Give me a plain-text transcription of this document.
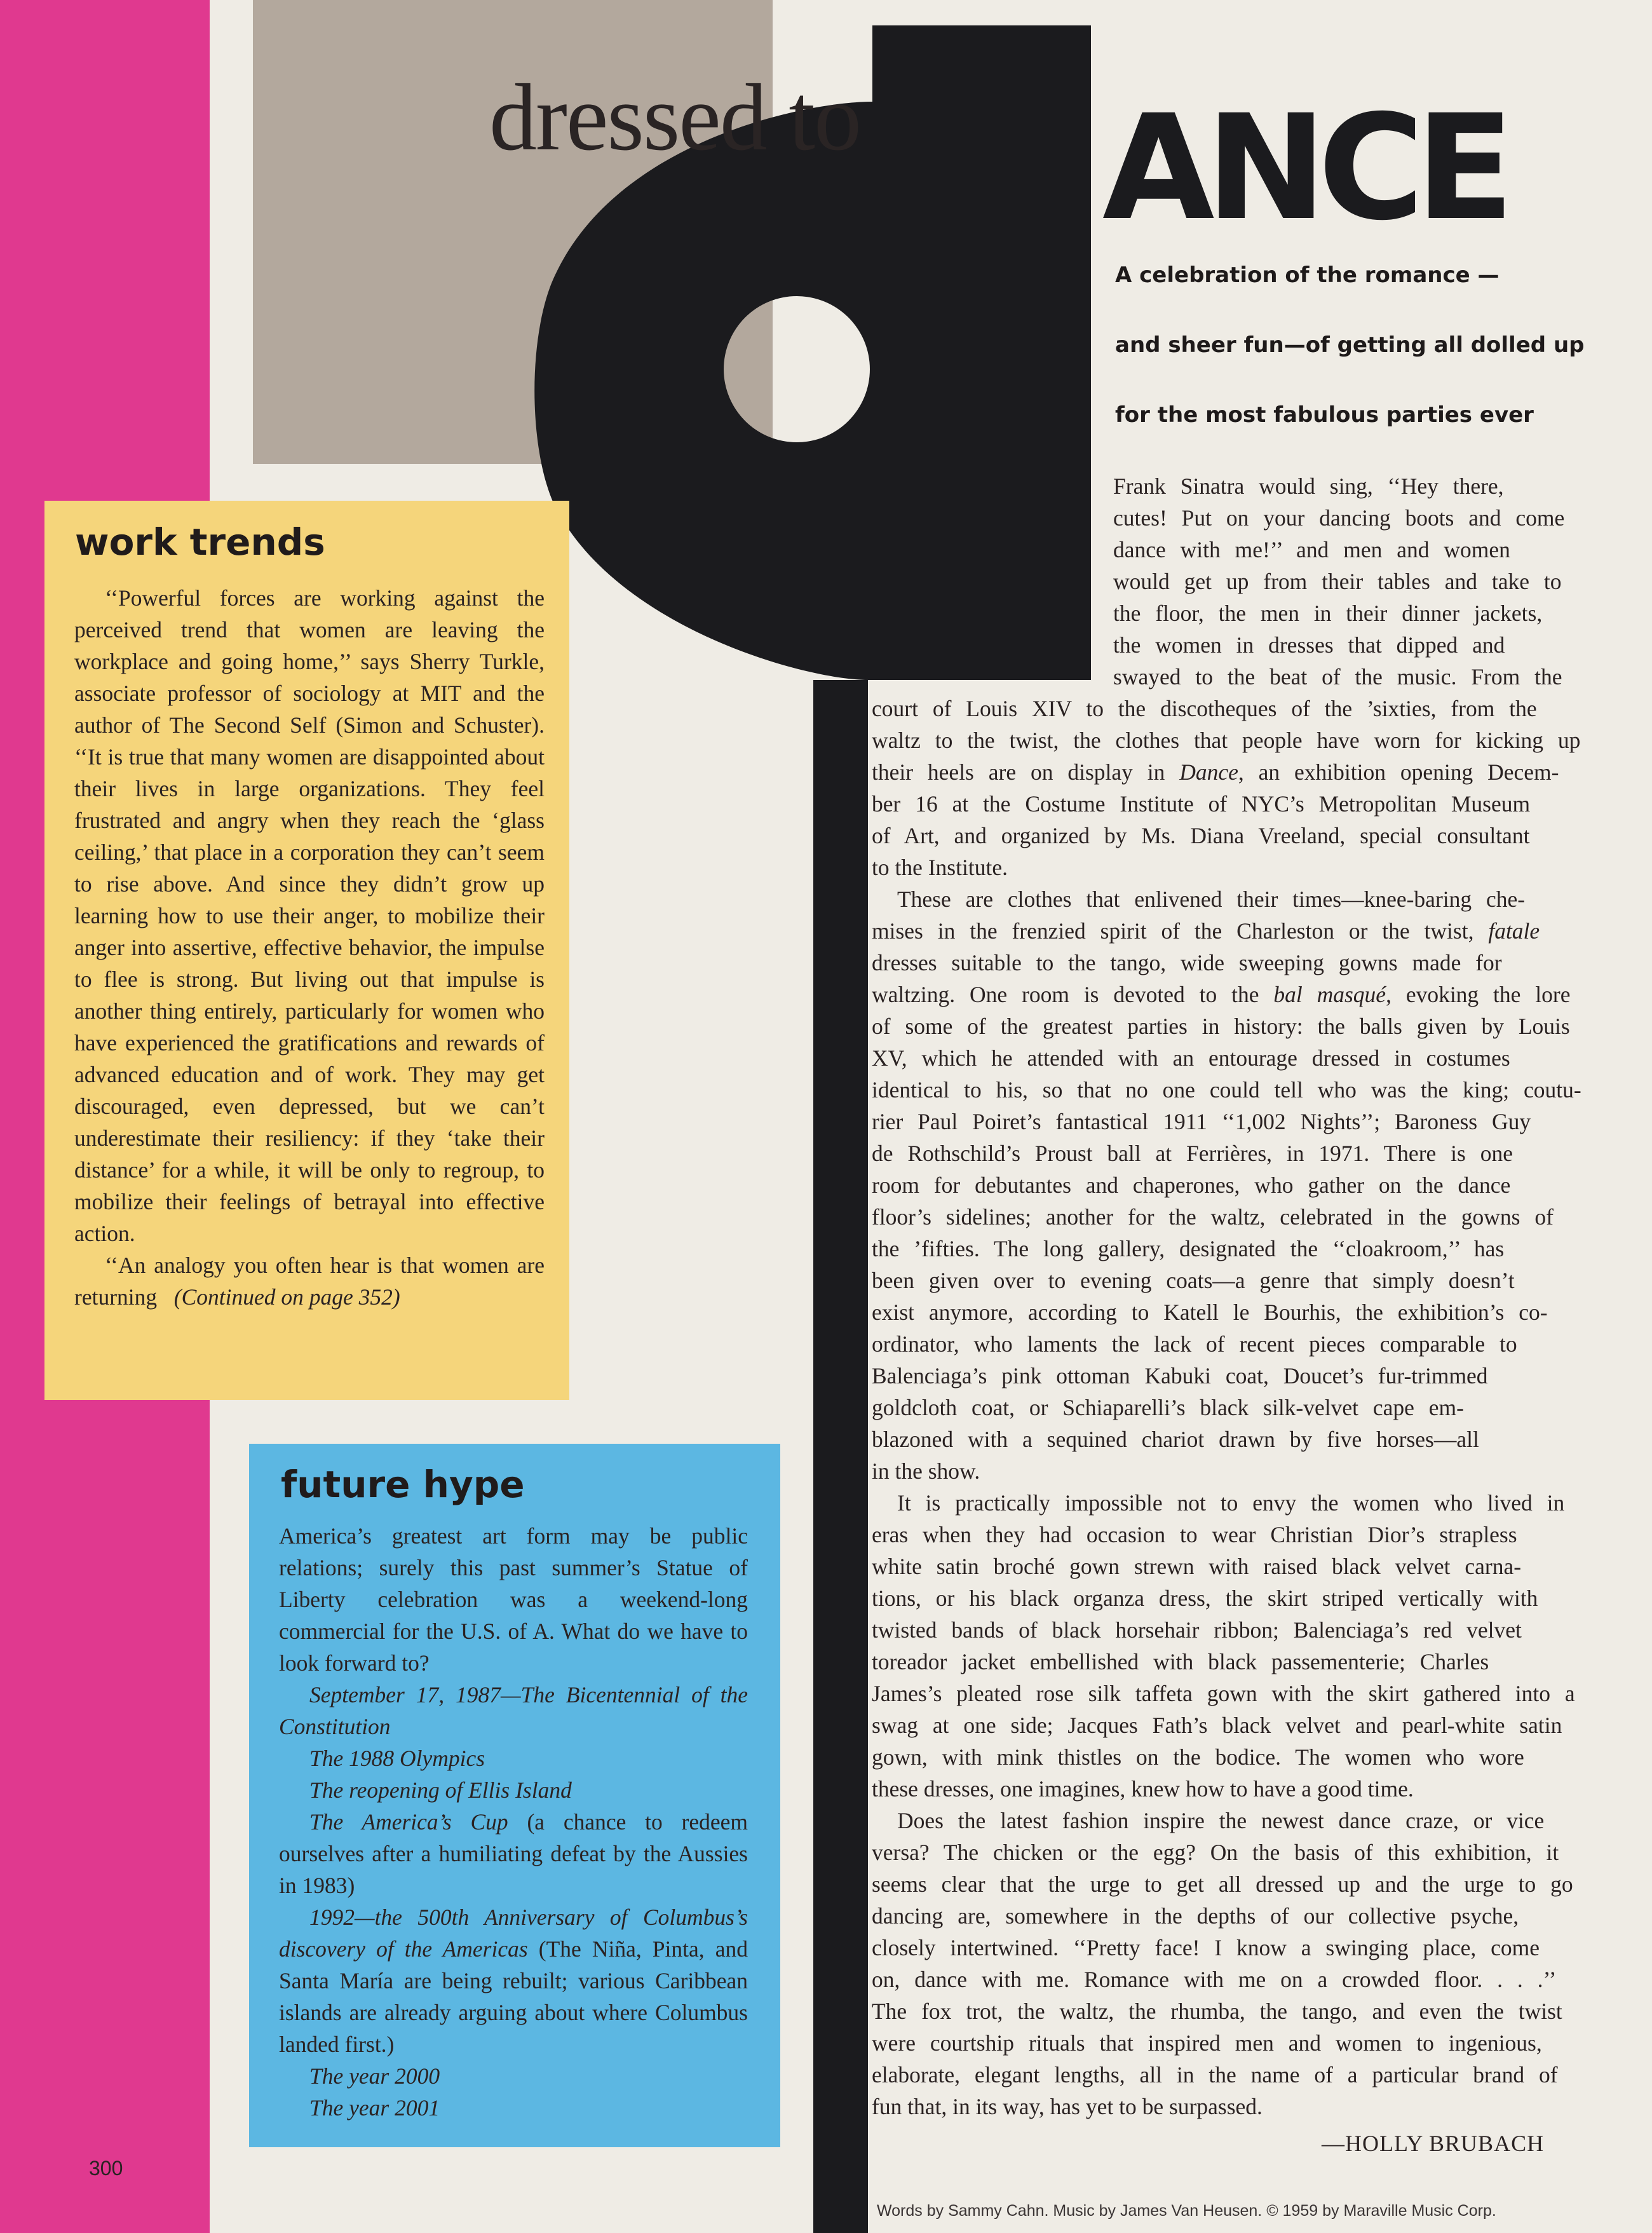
dressed to ANCE
A celebration of the romance —
and sheer fun—of getting all dolled up
for the most fabulous parties ever
work trends

‘‘Powerful forces are working against the perceived trend that women are leaving the workplace and going home,’’ says Sherry Turkle, associate professor of sociology at MIT and the author of The Second Self (Simon and Schuster). ‘‘It is true that many women are disappointed about their lives in large organizations. They feel frustrated and angry when they reach the ‘glass ceiling,’ that place in a corporation they can’t seem to rise above. And since they didn’t grow up learning how to use their anger, to mobilize their anger into assertive, effective behavior, the impulse to flee is strong. But living out that impulse is another thing entirely, particularly for women who have experienced the gratifications and rewards of advanced education and of work. They may get discouraged, even depressed, but we can’t underestimate their resiliency: if they ‘take their distance’ for a while, it will be only to regroup, to mobilize their feelings of betrayal into effective action.

‘‘An analogy you often hear is that women are returning (Continued on page 352)

future hype

America’s greatest art form may be public relations; surely this past summer’s Statue of Liberty celebration was a weekend-long commercial for the U.S. of A. What do we have to look forward to?

September 17, 1987—The Bicentennial of the Constitution

The 1988 Olympics

The reopening of Ellis Island

The America’s Cup (a chance to redeem ourselves after a humiliating defeat by the Aussies in 1983)

1992—the 500th Anniversary of Columbus’s discovery of the Americas (The Niña, Pinta, and Santa María are being rebuilt; various Caribbean islands are already arguing about where Columbus landed first.)

The year 2000

The year 2001

Frank Sinatra would sing, ‘‘Hey there,
cutes! Put on your dancing boots and come
dance with me!’’ and men and women
would get up from their tables and take to
the floor, the men in their dinner jackets,
the women in dresses that dipped and
swayed to the beat of the music. From the
court of Louis XIV to the discotheques of the ’sixties, from the
waltz to the twist, the clothes that people have worn for kicking up
their heels are on display in Dance, an exhibition opening Decem-
ber 16 at the Costume Institute of NYC’s Metropolitan Museum
of Art, and organized by Ms. Diana Vreeland, special consultant
to the Institute.
These are clothes that enlivened their times—knee-baring che-
mises in the frenzied spirit of the Charleston or the twist, fatale
dresses suitable to the tango, wide sweeping gowns made for
waltzing. One room is devoted to the bal masqué, evoking the lore
of some of the greatest parties in history: the balls given by Louis
XV, which he attended with an entourage dressed in costumes
identical to his, so that no one could tell who was the king; coutu-
rier Paul Poiret’s fantastical 1911 ‘‘1,002 Nights’’; Baroness Guy
de Rothschild’s Proust ball at Ferrières, in 1971. There is one
room for debutantes and chaperones, who gather on the dance
floor’s sidelines; another for the waltz, celebrated in the gowns of
the ’fifties. The long gallery, designated the ‘‘cloakroom,’’ has
been given over to evening coats—a genre that simply doesn’t
exist anymore, according to Katell le Bourhis, the exhibition’s co-
ordinator, who laments the lack of recent pieces comparable to
Balenciaga’s pink ottoman Kabuki coat, Doucet’s fur-trimmed
goldcloth coat, or Schiaparelli’s black silk-velvet cape em-
blazoned with a sequined chariot drawn by five horses—all
in the show.
It is practically impossible not to envy the women who lived in
eras when they had occasion to wear Christian Dior’s strapless
white satin broché gown strewn with raised black velvet carna-
tions, or his black organza dress, the skirt striped vertically with
twisted bands of black horsehair ribbon; Balenciaga’s red velvet
toreador jacket embellished with black passementerie; Charles
James’s pleated rose silk taffeta gown with the skirt gathered into a
swag at one side; Jacques Fath’s black velvet and pearl-white satin
gown, with mink thistles on the bodice. The women who wore
these dresses, one imagines, knew how to have a good time.
Does the latest fashion inspire the newest dance craze, or vice
versa? The chicken or the egg? On the basis of this exhibition, it
seems clear that the urge to get all dressed up and the urge to go
dancing are, somewhere in the depths of our collective psyche,
closely intertwined. ‘‘Pretty face! I know a swinging place, come
on, dance with me. Romance with me on a crowded floor. . . .’’
The fox trot, the waltz, the rhumba, the tango, and even the twist
were courtship rituals that inspired men and women to ingenious,
elaborate, elegant lengths, all in the name of a particular brand of
fun that, in its way, has yet to be surpassed.
—HOLLY BRUBACH
Words by Sammy Cahn. Music by James Van Heusen. © 1959 by Maraville Music Corp.
300
